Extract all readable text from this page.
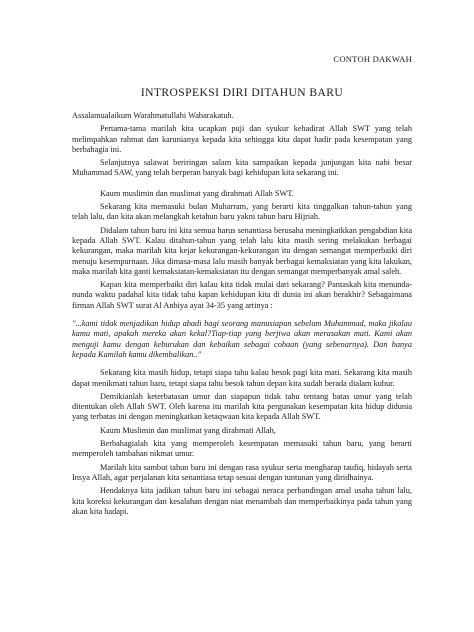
CONTOH DAKWAH
INTROSPEKSI DIRI DITAHUN BARU

Assalamualaikum Warahmatullahi Wabarakatuh.

Pertama-tama marilah kita ucapkan puji dan syukur kehadirat Allah SWT yang telah melimpahkan rahmat dan karunianya kepada kita sehingga kita dapat hadir pada kesempatan yang berbahagia ini.

Selanjutnya salawat beriringan salam kita sampaikan kepada junjungan kita nabi besar Muhammad SAW, yang telah berperan banyak bagi kehidupan kita sekarang ini.

Kaum muslimin dan muslimat yang dirahmati Allah SWT.

Sekarang kita memasuki bulan Muharram, yang berarti kita tinggalkan tahun-tahun yang telah lalu, dan kita akan melangkah ketahun baru yakni tahun baru Hijriah.

Didalam tahun baru ini kita semua harus senantiasa berusaha meningkatkkan pengabdian kita kepada Allah SWT. Kalau ditahun-tahun yang telah lalu kita masih sering melakukan berbagai kekurangan, maka marilah kita kejar kekurangan-kekurangan itu dengan semangat memperbaiki diri menuju kesempurnaan. Jika dimasa-masa lalu masih banyak berbagai kemaksiatan yang kita lakukan, maka marilah kita ganti kemaksiatan-kemaksiatan itu dengan semangat memperbanyak amal saleh.

Kapan kita memperbaiki diri kalau kita tidak mulai dari sekarang? Pantaskah kita menunda-nunda waktu padahal kita tidak tahu kapan kehidupan kita di dunia ini akan berakhir? Sebagaimana firman Allah SWT surat Al Anbiya ayat 34-35 yang artinya :

"...kami tidak menjadikan hidup abadi bagi seorang manusiapun sebelum Muhammad, maka jikalau kamu mati, apakah mereka akan kekal?Tiap-tiap yang berjiwa akan merasakan mati. Kami akan menguji kamu dengan keburukan dan kebaikan sebagai cobaan (yang sebenarnya). Dan hanya kepada Kamilah kamu dikembalikan.."

Sekarang kita masih hidup, tetapi siapa tahu kalau besok pagi kita mati. Sekarang kita masih dapat menikmati tahun baru, tetapi siapa tahu besok tahun depan kita sudah berada dialam kubur.

Demikianlah keterbatasan umur dan siapapun tidak tahu tentang batas umur yang telah ditentukan oleh Allah SWT. Oleh karena itu marilah kita pergunakan kesempatan kita hidup didunia yang terbatas ini dengan meningkatkan ketaqwaan kita kepada Allah SWT.

Kaum Muslimin dan muslimat yang dirahmati Allah,

Berbahagialah kita yang memperoleh kesempatan memasuki tahun baru, yang berarti memperoleh tambahan nikmat umur.

Marilah kita sambut tahun baru ini dengan rasa syukur serta mengharap taufiq, hidayah serta Insya Allah, agar perjalanan kita senantiasa tetap sesuai dengan tuntunan yang diridhainya.

Hendaknya kita jadikan tahun baru ini sebagai neraca perbandingan amal usaha tahun lalu, kita koreksi kekurangan dan kesalahan dengan niat menambah dan memperbaikinya pada tahun yang akan kita hadapi.
